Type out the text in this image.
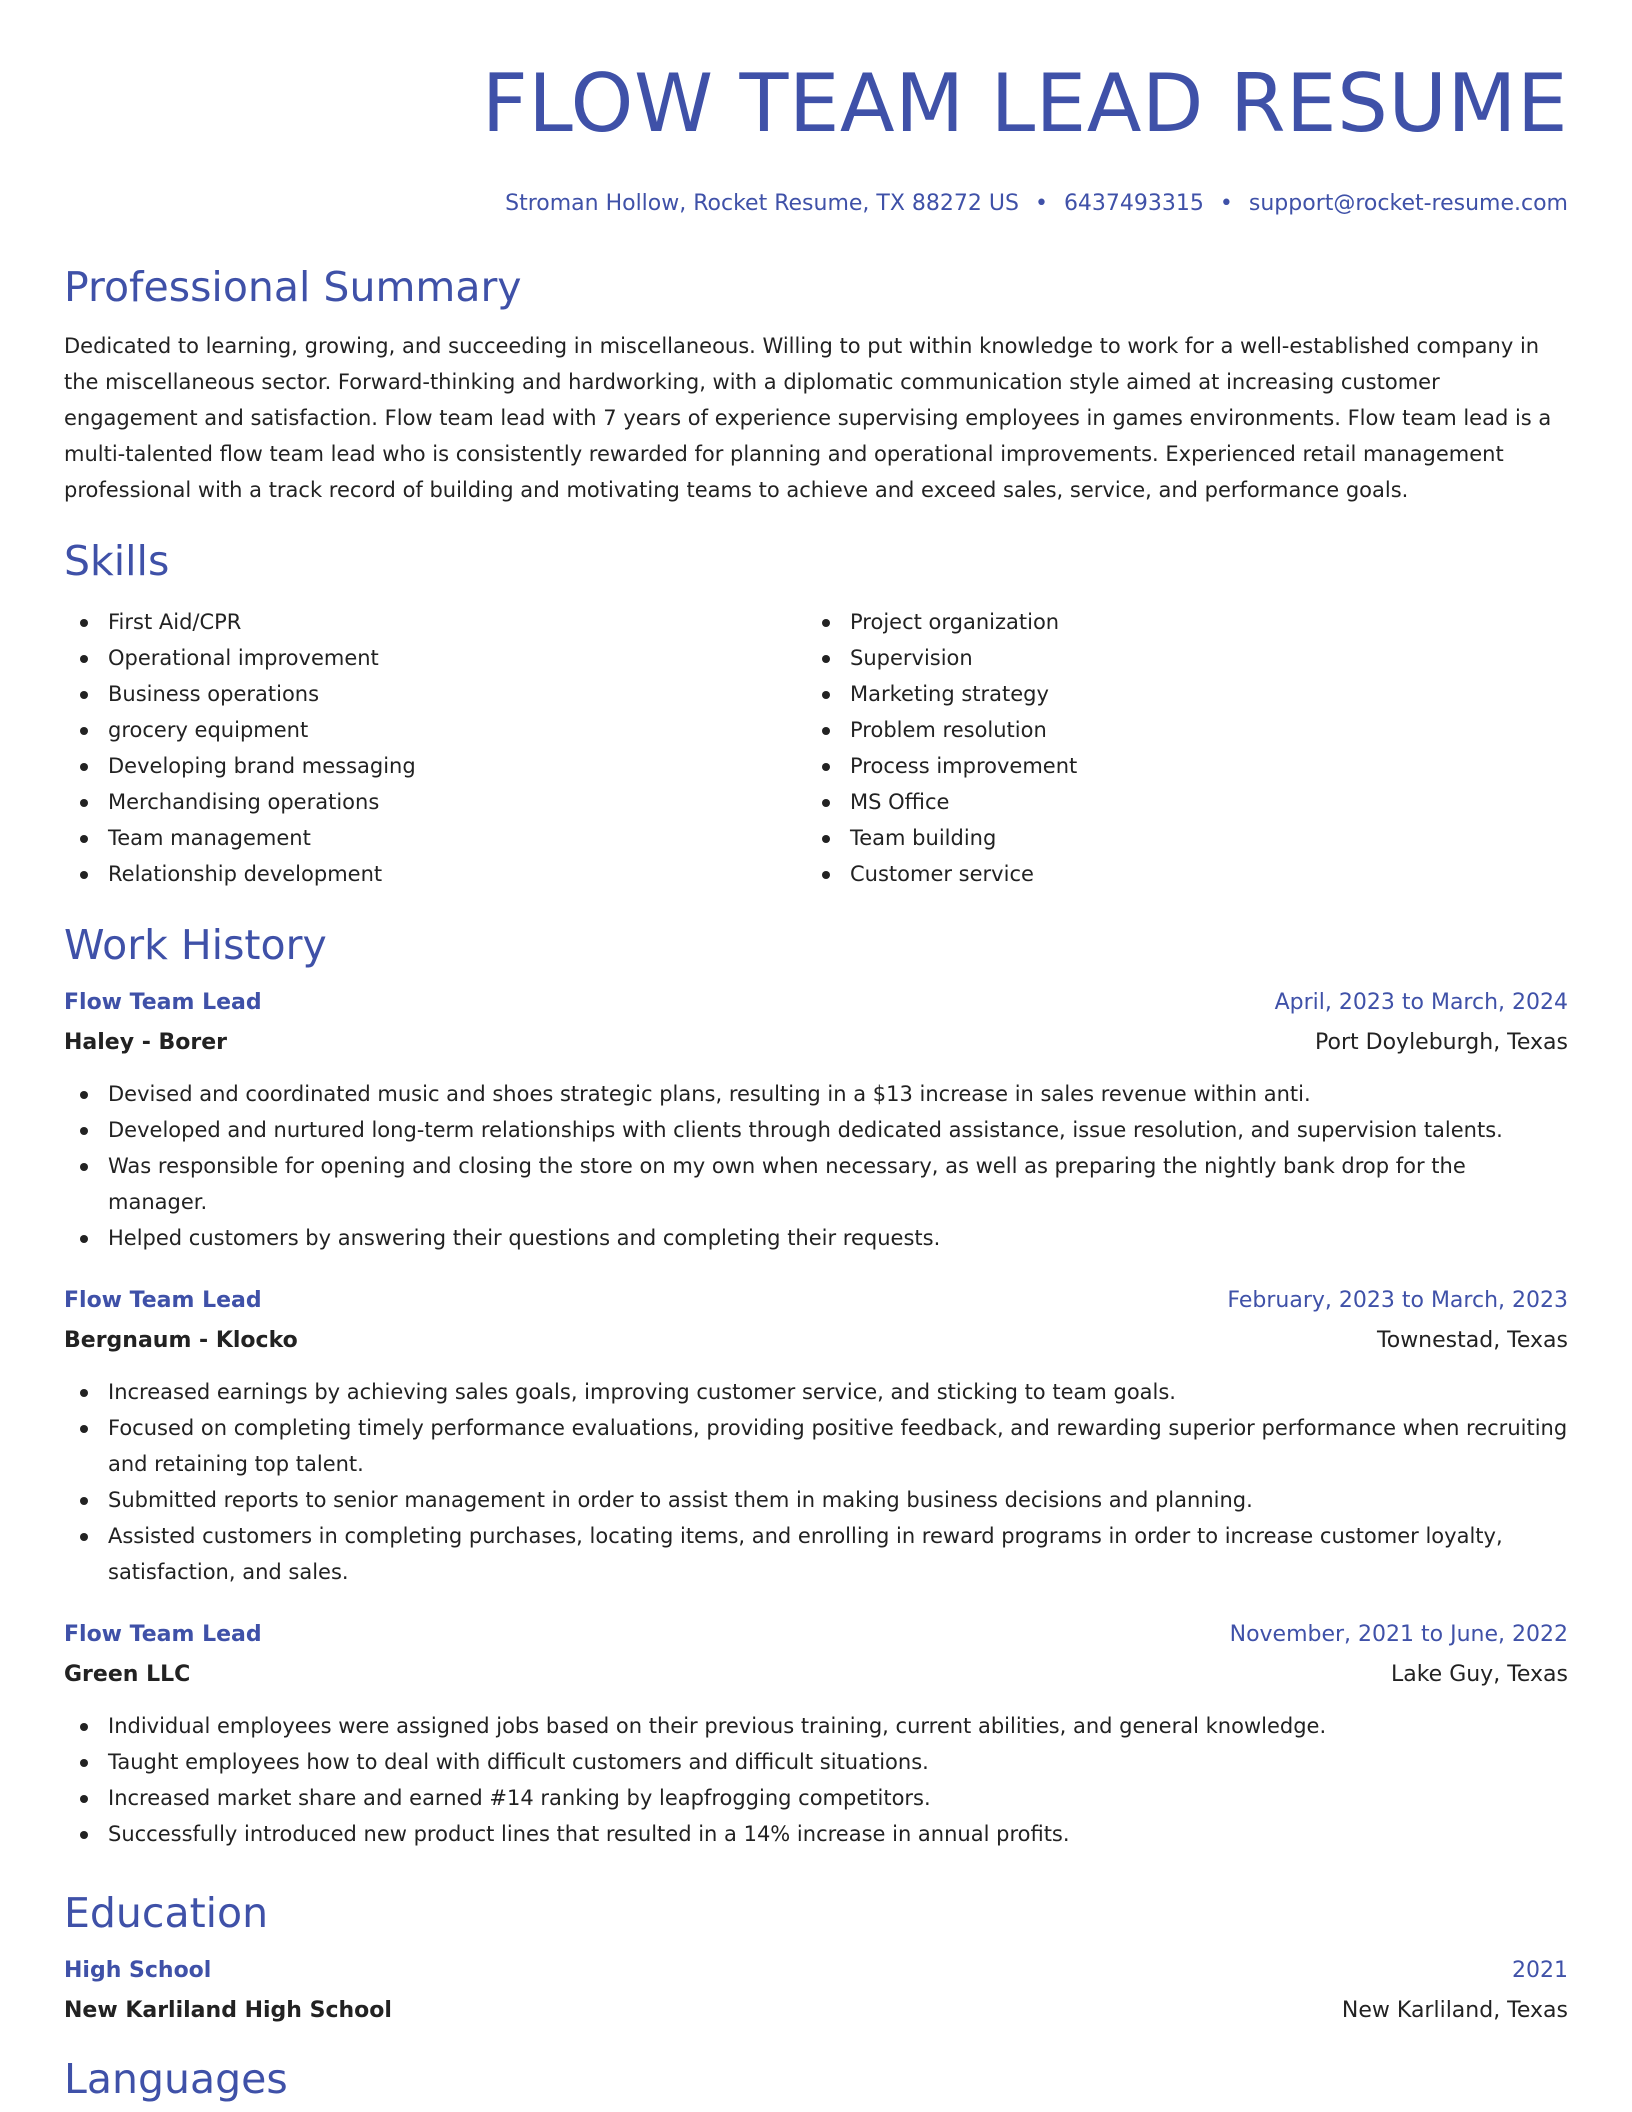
FLOW TEAM LEAD RESUME
Stroman Hollow, Rocket Resume, TX 88272 US • 6437493315 • support@rocket-resume.com
Professional Summary

Dedicated to learning, growing, and succeeding in miscellaneous. Willing to put within knowledge to work for a well-established company in the miscellaneous sector. Forward-thinking and hardworking, with a diplomatic communication style aimed at increasing customer engagement and satisfaction. Flow team lead with 7 years of experience supervising employees in games environments. Flow team lead is a multi-talented flow team lead who is consistently rewarded for planning and operational improvements. Experienced retail management professional with a track record of building and motivating teams to achieve and exceed sales, service, and performance goals.

Skills
First Aid/CPR
Operational improvement
Business operations
grocery equipment
Developing brand messaging
Merchandising operations
Team management
Relationship development
Project organization
Supervision
Marketing strategy
Problem resolution
Process improvement
MS Office
Team building
Customer service
Work History
Flow Team Lead	April, 2023 to March, 2024
Haley - Borer	Port Doyleburgh, Texas
Devised and coordinated music and shoes strategic plans, resulting in a $13 increase in sales revenue within anti.
Developed and nurtured long-term relationships with clients through dedicated assistance, issue resolution, and supervision talents.
Was responsible for opening and closing the store on my own when necessary, as well as preparing the nightly bank drop for the manager.
Helped customers by answering their questions and completing their requests.
Flow Team Lead	February, 2023 to March, 2023
Bergnaum - Klocko	Townestad, Texas
Increased earnings by achieving sales goals, improving customer service, and sticking to team goals.
Focused on completing timely performance evaluations, providing positive feedback, and rewarding superior performance when recruiting and retaining top talent.
Submitted reports to senior management in order to assist them in making business decisions and planning.
Assisted customers in completing purchases, locating items, and enrolling in reward programs in order to increase customer loyalty, satisfaction, and sales.
Flow Team Lead	November, 2021 to June, 2022
Green LLC	Lake Guy, Texas
Individual employees were assigned jobs based on their previous training, current abilities, and general knowledge.
Taught employees how to deal with difficult customers and difficult situations.
Increased market share and earned #14 ranking by leapfrogging competitors.
Successfully introduced new product lines that resulted in a 14% increase in annual profits.
Education
High School	2021
New Karliland High School	New Karliland, Texas
Languages
